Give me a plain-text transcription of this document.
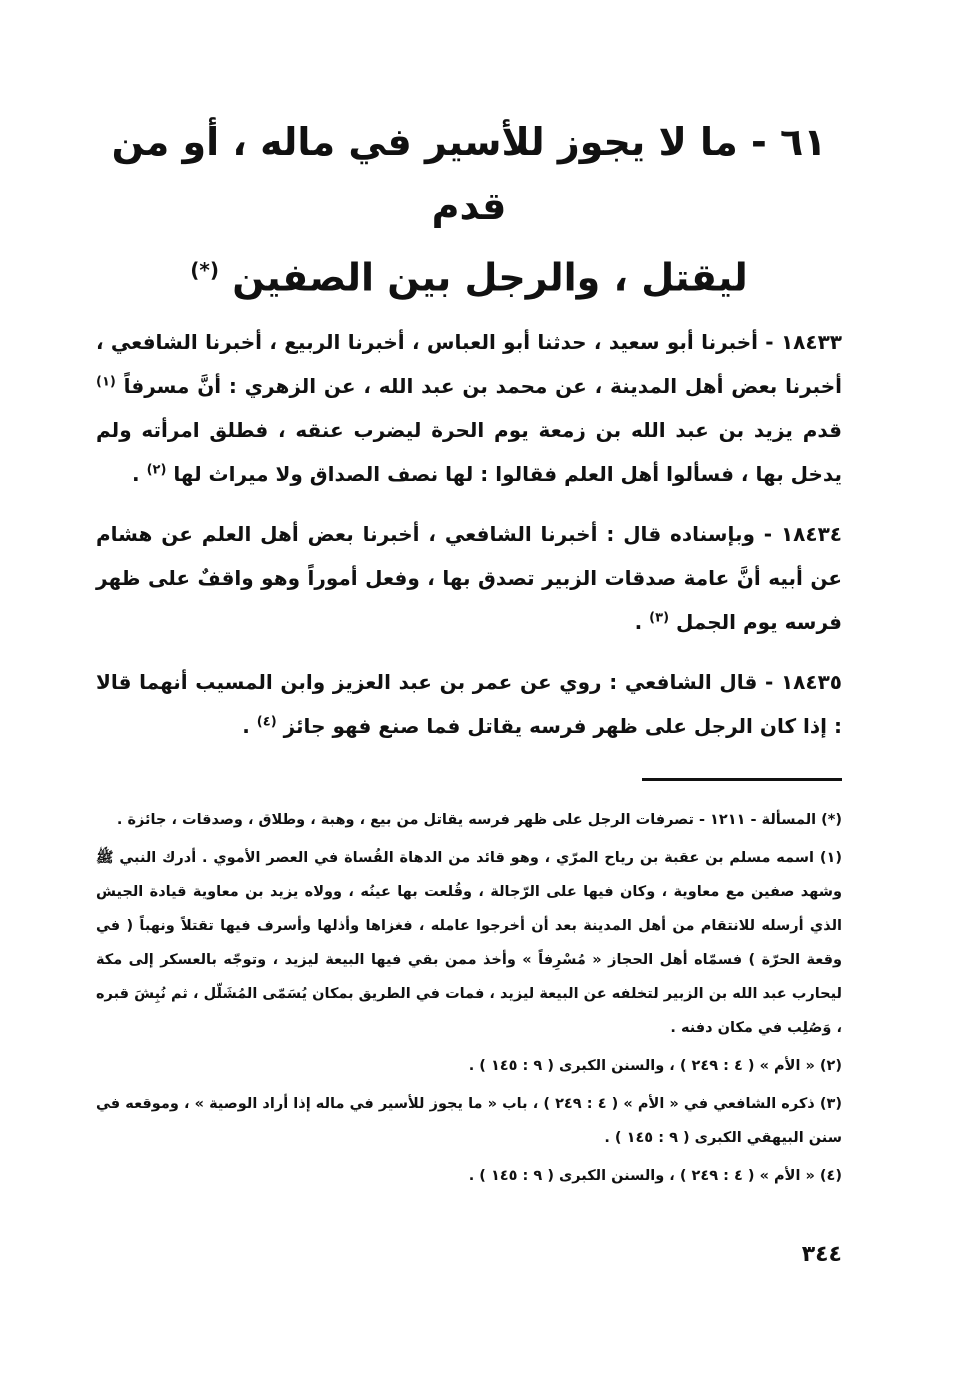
٦١ - ما لا يجوز للأسير في ماله ، أو من قدم
ليقتل ، والرجل بين الصفين (*)

١٨٤٣٣ - أخبرنا أبو سعيد ، حدثنا أبو العباس ، أخبرنا الربيع ، أخبرنا الشافعي ، أخبرنا بعض أهل المدينة ، عن محمد بن عبد الله ، عن الزهري : أنَّ مسرفاً $^{(١)}$ قدم يزيد بن عبد الله بن زمعة يوم الحرة ليضرب عنقه ، فطلق امرأته ولم يدخل بها ، فسألوا أهل العلم فقالوا : لها نصف الصداق ولا ميراث لها $^{(٢)}$ .

١٨٤٣٤ - وبإسناده قال : أخبرنا الشافعي ، أخبرنا بعض أهل العلم عن هشام عن أبيه أنَّ عامة صدقات الزبير تصدق بها ، وفعل أموراً وهو واقفٌ على ظهر فرسه يوم الجمل $^{(٣)}$ .

١٨٤٣٥ - قال الشافعي : روي عن عمر بن عبد العزيز وابن المسيب أنهما قالا : إذا كان الرجل على ظهر فرسه يقاتل فما صنع فهو جائز $^{(٤)}$ .

(*) المسألة - ١٢١١ - تصرفات الرجل على ظهر فرسه يقاتل من بيع ، وهبة ، وطلاق ، وصدقات ، جائزة .

(١) اسمه مسلم بن عقبة بن رياح المرّي ، وهو قائد من الدهاة القُساة في العصر الأموي . أدرك النبي ﷺ وشهد صفين مع معاوية ، وكان فيها على الرّجالة ، وقُلعت بها عينُه ، وولاه يزيد بن معاوية قيادة الجيش الذي أرسله للانتقام من أهل المدينة بعد أن أخرجوا عامله ، فغزاها وأذلها وأسرف فيها تقتلاً ونهباً ( في وقعة الحرّة ) فسمّاه أهل الحجاز « مُسْرِفاً » وأخذ ممن بقي فيها البيعة ليزيد ، وتوجّه بالعسكر إلى مكة ليحارب عبد الله بن الزبير لتخلفه عن البيعة ليزيد ، فمات في الطريق بمكان يُسَمّى المُشَلّل ، ثم نُبِشَ قبره ، وَصُلِب في مكان دفنه .

(٢) « الأم » ( ٤ : ٢٤٩ ) ، والسنن الكبرى ( ٩ : ١٤٥ ) .

(٣) ذكره الشافعي في « الأم » ( ٤ : ٢٤٩ ) ، باب « ما يجوز للأسير في ماله إذا أراد الوصية » ، وموقعه في سنن البيهقي الكبرى ( ٩ : ١٤٥ ) .

(٤) « الأم » ( ٤ : ٢٤٩ ) ، والسنن الكبرى ( ٩ : ١٤٥ ) .

٣٤٤
